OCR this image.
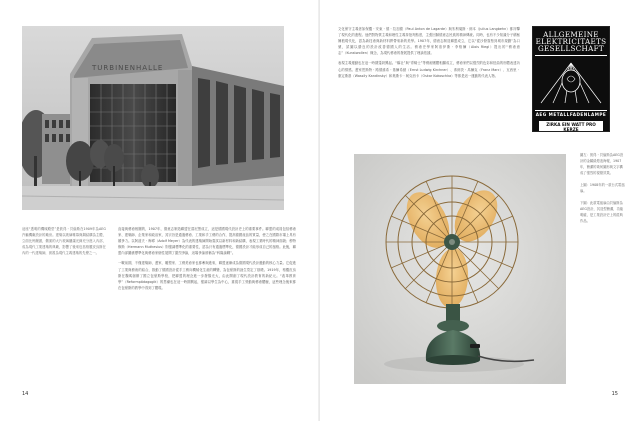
TURBINENHALLE

這座“透明的機械殿堂”是彼得・貝倫斯在1909年為AEG汽輪機廠設計的廠房。建築以玻璃帷幕與鋼結構為主體，立面比例嚴謹，側面的大片玻璃牆讓光線充分進入內部，成為現代工業建築的典範，影響了後來包括格羅皮烏斯在內的一代建築師，被視為現代主義建築的先聲之一。

直接與藝術相關的，1907年，德意志制造聯盟在慕尼黑成立，這是德國現代設計史上的重要事件。聯盟的成員包括藝術家、建築師、企業家和政治家，其宗旨是通過藝術、工業和手工藝的合作，提高德國產品的質量，使之在國際市場上具有競爭力。以阿道夫・梅耶（Adolf Meyer）為代表的建築師開始嘗試以新材料和新結構，表現工業時代的精神面貌；穆特修斯（Hermann Muthesius）則強調標準化的重要性，認為只有通過標準化，德國設計才能形成自己的風格。此後，聯盟內部圍繞標準化與藝術家個性展開了激烈爭論，這場爭論被稱為“科隆論戰”。

一戰前期，不僅建築師，畫家、雕塑家、工藝美術家也都參與進來，聯盟逐漸成為德國現代設計運動的核心力量。它促進了工業與藝術的結合，推動了德國設計從手工藝向機械化生產的轉變，為包豪斯的誕生奠定了基礎。1919年，格羅皮烏斯在魏瑪創辦了國立包豪斯學校，把聯盟的理念進一步發揚光大，由此開創了現代設計教育的新紀元。“改革教育學”（Reformpädagogik）的思潮也在這一時期興起，強調以學生為中心，重視手工勞動與藝術體驗，這些理念後來都在包豪斯的教學中得到了體現。

14

文化保守主義者如保羅・安東・德・拉加德（Paul Anton de Lagarde）與朱利葉斯・朗本（Julius Langbehn）都抨擊了現代化的進程。他們對物質主義和理性主義持批判態度，主張回歸德意志民族的精神傳統。同時，也有不少知識分子積極擁抱現代化，認為新技術與新材料將帶來新的美學。1907年，德意志制造聯盟成立，它以“從沙發靠墊到城市規劃”為口號，試圖以優良的設計改善德國人的生活。藝術史學家阿洛伊斯・李格爾（Alois Riegl）提出的“藝術意志”（Kunstwollen）概念，為現代藝術的發展提供了理論依據。

表現主義運動也在這一時期蓬勃興起。“橋社”與“青騎士”等藝術團體相繼成立，藝術家們以強烈的色彩和扭曲的形體表達內心的情感。畫家恩斯特・路德維希・基爾希納（Ernst Ludwig Kirchner）、弗朗茨・馬爾克（Franz Marc）、瓦西里・康定斯基（Wassily Kandinsky）和奧斯卡・柯克西卡（Oskar Kokoschka）等都是這一運動的代表人物。

ALLGEMEINE
ELEKTRICITAETS
GESELLSCHAFT
AEG METALLFADENLAMPE
ZIRKA EIN WATT PRO KERZE

圖左：彼得・貝倫斯為AEG設計的金屬絲燈泡海報，1907年，簡潔的幾何圖形與文字構成了強烈的視覺效果。

上圖：1908年的一款台式電風扇。

下圖：此款電風扇由貝倫斯為AEG設計，其造型簡潔，功能明確，是工業設計史上的經典作品。

15
